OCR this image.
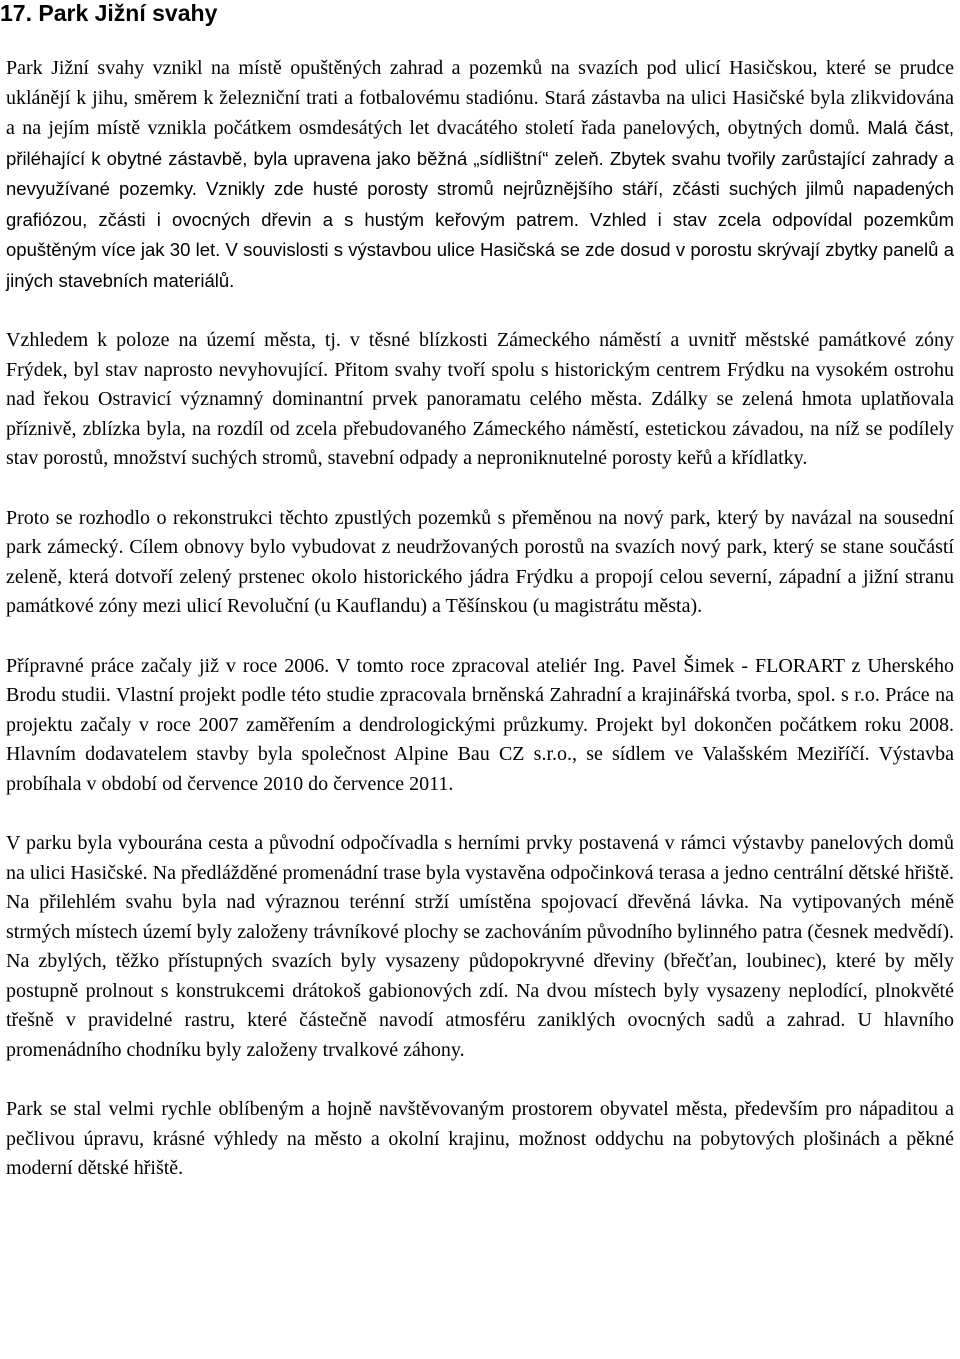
17. Park Jižní svahy

Park Jižní svahy vznikl na místě opuštěných zahrad a pozemků na svazích pod ulicí Hasičskou, které se prudce uklánějí k jihu, směrem k železniční trati a fotbalovému stadiónu. Stará zástavba na ulici Hasičské byla zlikvidována a na jejím místě vznikla počátkem osmdesátých let dvacátého století řada panelových, obytných domů. Malá část, přiléhající k obytné zástavbě, byla upravena jako běžná „sídlištní“ zeleň. Zbytek svahu tvořily zarůstající zahrady a nevyužívané pozemky. Vznikly zde husté porosty stromů nejrůznějšího stáří, zčásti suchých jilmů napadených grafiózou, zčásti i ovocných dřevin a s hustým keřovým patrem. Vzhled i stav zcela odpovídal pozemkům opuštěným více jak 30 let. V souvislosti s výstavbou ulice Hasičská se zde dosud v porostu skrývají zbytky panelů a jiných stavebních materiálů.

Vzhledem k poloze na území města, tj. v těsné blízkosti Zámeckého náměstí a uvnitř městské památkové zóny Frýdek, byl stav naprosto nevyhovující. Přitom svahy tvoří spolu s historickým centrem Frýdku na vysokém ostrohu nad řekou Ostravicí významný dominantní prvek panoramatu celého města. Zdálky se zelená hmota uplatňovala příznivě, zblízka byla, na rozdíl od zcela přebudovaného Zámeckého náměstí, estetickou závadou, na níž se podílely stav porostů, množství suchých stromů, stavební odpady a neproniknutelné porosty keřů a křídlatky.

Proto se rozhodlo o rekonstrukci těchto zpustlých pozemků s přeměnou na nový park, který by navázal na sousední park zámecký. Cílem obnovy bylo vybudovat z neudržovaných porostů na svazích nový park, který se stane součástí zeleně, která dotvoří zelený prstenec okolo historického jádra Frýdku a propojí celou severní, západní a jižní stranu památkové zóny mezi ulicí Revoluční (u Kauflandu) a Těšínskou (u magistrátu města).

Přípravné práce začaly již v roce 2006. V tomto roce zpracoval ateliér Ing. Pavel Šimek - FLORART z Uherského Brodu studii. Vlastní projekt podle této studie zpracovala brněnská Zahradní a krajinářská tvorba, spol. s r.o. Práce na projektu začaly v roce 2007 zaměřením a dendrologickými průzkumy. Projekt byl dokončen počátkem roku 2008. Hlavním dodavatelem stavby byla společnost Alpine Bau CZ s.r.o., se sídlem ve Valašském Meziříčí. Výstavba probíhala v období od července 2010 do července 2011.

V parku byla vybourána cesta a původní odpočívadla s herními prvky postavená v rámci výstavby panelových domů na ulici Hasičské. Na předlážděné promenádní trase byla vystavěna odpočinková terasa a jedno centrální dětské hřiště. Na přilehlém svahu byla nad výraznou terénní strží umístěna spojovací dřevěná lávka. Na vytipovaných méně strmých místech území byly založeny trávníkové plochy se zachováním původního bylinného patra (česnek medvědí). Na zbylých, těžko přístupných svazích byly vysazeny půdopokryvné dřeviny (břečťan, loubinec), které by měly postupně prolnout s konstrukcemi drátokoš gabionových zdí. Na dvou místech byly vysazeny neplodící, plnokvěté třešně v pravidelné rastru, které částečně navodí atmosféru zaniklých ovocných sadů a zahrad. U hlavního promenádního chodníku byly založeny trvalkové záhony.

Park se stal velmi rychle oblíbeným a hojně navštěvovaným prostorem obyvatel města, především pro nápaditou a pečlivou úpravu, krásné výhledy na město a okolní krajinu, možnost oddychu na pobytových plošinách a pěkné moderní dětské hřiště.
